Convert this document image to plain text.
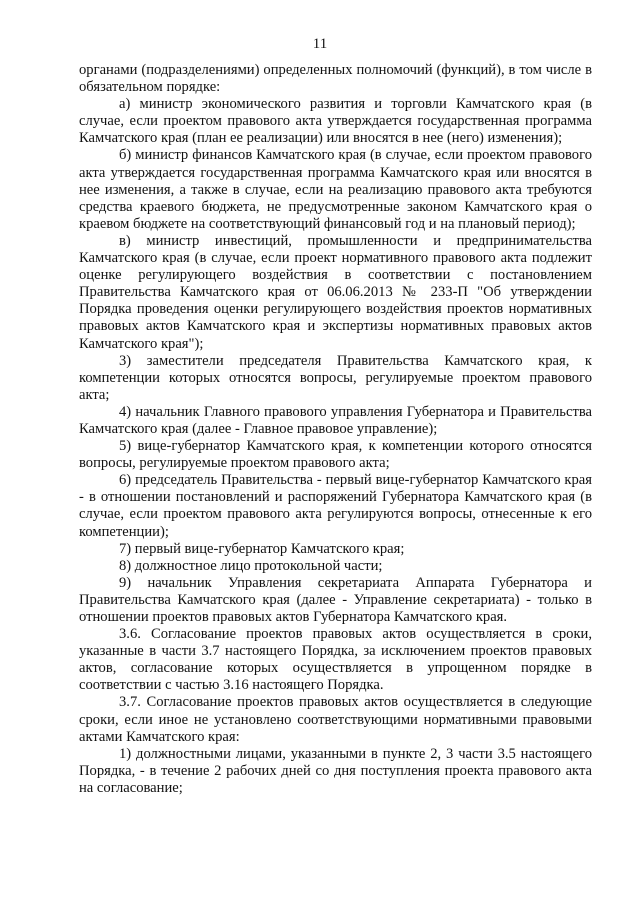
11

органами (подразделениями) определенных полномочий (функций), в том числе в обязательном порядке:

а) министр экономического развития и торговли Камчатского края (в случае, если проектом правового акта утверждается государственная программа Камчатского края (план ее реализации) или вносятся в нее (него) изменения);

б) министр финансов Камчатского края (в случае, если проектом правового акта утверждается государственная программа Камчатского края или вносятся в нее изменения, а также в случае, если на реализацию правового акта требуются средства краевого бюджета, не предусмотренные законом Камчатского края о краевом бюджете на соответствующий финансовый год и на плановый период);

в) министр инвестиций, промышленности и предпринимательства Камчатского края (в случае, если проект нормативного правового акта подлежит оценке регулирующего воздействия в соответствии с постановлением Правительства Камчатского края от 06.06.2013 № 233-П "Об утверждении Порядка проведения оценки регулирующего воздействия проектов нормативных правовых актов Камчатского края и экспертизы нормативных правовых актов Камчатского края");

3) заместители председателя Правительства Камчатского края, к компетенции которых относятся вопросы, регулируемые проектом правового акта;

4) начальник Главного правового управления Губернатора и Правительства Камчатского края (далее - Главное правовое управление);

5) вице-губернатор Камчатского края, к компетенции которого относятся вопросы, регулируемые проектом правового акта;

6) председатель Правительства - первый вице-губернатор Камчатского края - в отношении постановлений и распоряжений Губернатора Камчатского края (в случае, если проектом правового акта регулируются вопросы, отнесенные к его компетенции);

7) первый вице-губернатор Камчатского края;

8) должностное лицо протокольной части;

9) начальник Управления секретариата Аппарата Губернатора и Правительства Камчатского края (далее - Управление секретариата) - только в отношении проектов правовых актов Губернатора Камчатского края.

3.6. Согласование проектов правовых актов осуществляется в сроки, указанные в части 3.7 настоящего Порядка, за исключением проектов правовых актов, согласование которых осуществляется в упрощенном порядке в соответствии с частью 3.16 настоящего Порядка.

3.7. Согласование проектов правовых актов осуществляется в следующие сроки, если иное не установлено соответствующими нормативными правовыми актами Камчатского края:

1) должностными лицами, указанными в пункте 2, 3 части 3.5 настоящего Порядка, - в течение 2 рабочих дней со дня поступления проекта правового акта на согласование;
